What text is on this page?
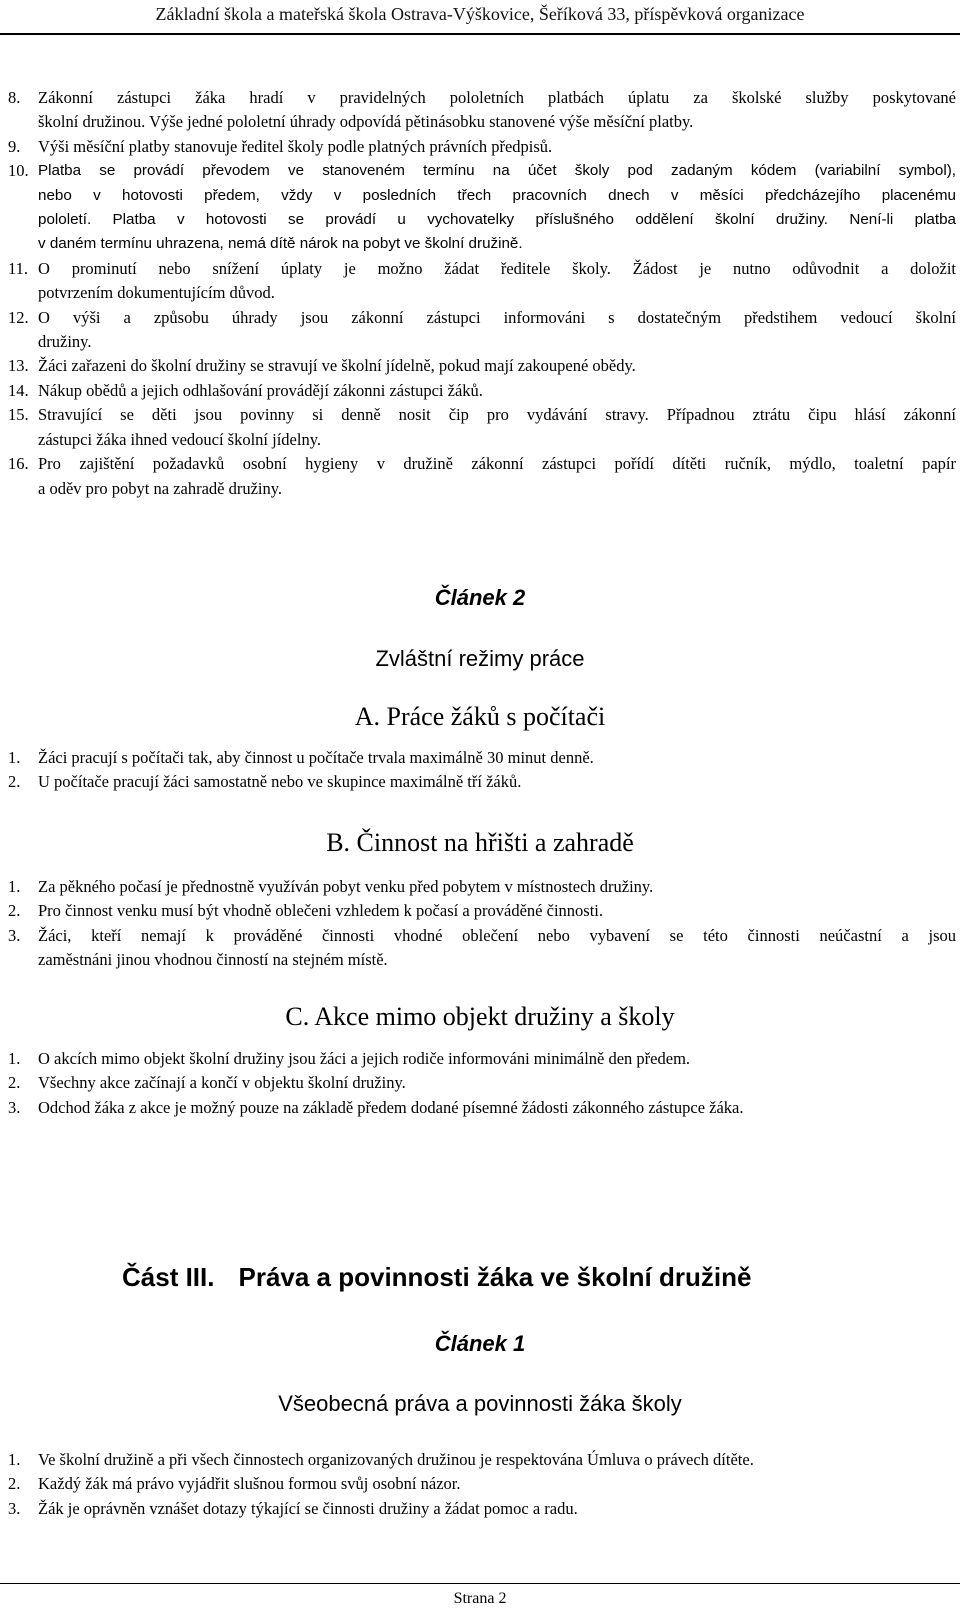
Základní škola a mateřská škola Ostrava-Výškovice, Šeříková 33, příspěvková organizace
8.	Zákonní zástupci žáka hradí v pravidelných pololetních platbách úplatu za školské služby poskytované
školní družinou. Výše jedné pololetní úhrady odpovídá pětinásobku stanovené výše měsíční platby.
9.	Výši měsíční platby stanovuje ředitel školy podle platných právních předpisů.
10. Platba se provádí převodem ve stanoveném termínu na účet školy pod zadaným kódem (variabilní symbol),
nebo v hotovosti předem, vždy v posledních třech pracovních dnech v měsíci předcházejího placenému
pololetí. Platba v hotovosti se provádí u vychovatelky příslušného oddělení školní družiny. Není-li platba
v daném termínu uhrazena, nemá dítě nárok na pobyt ve školní družině.
11. O prominutí nebo snížení úplaty je možno žádat ředitele školy. Žádost je nutno odůvodnit a doložit
potvrzením dokumentujícím důvod.
12. O výši a způsobu úhrady jsou zákonní zástupci informováni s dostatečným předstihem vedoucí školní
družiny.
13. Žáci zařazeni do školní družiny se stravují ve školní jídelně, pokud mají zakoupené obědy.
14. Nákup obědů a jejich odhlašování provádějí zákonni zástupci žáků.
15. Stravující se děti jsou povinny si denně nosit čip pro vydávání stravy. Případnou ztrátu čipu hlásí zákonní
zástupci žáka ihned vedoucí školní jídelny.
16. Pro zajištění požadavků osobní hygieny v družině zákonní zástupci pořídí dítěti ručník, mýdlo, toaletní papír
a oděv pro pobyt na zahradě družiny.
Článek 2
Zvláštní režimy práce
A. Práce žáků s počítači
1.	Žáci pracují s počítači tak, aby činnost u počítače trvala maximálně 30 minut denně.
2.	U počítače pracují žáci samostatně nebo ve skupince maximálně tří žáků.
B. Činnost na hřišti a zahradě
1.	Za pěkného počasí je přednostně využíván pobyt venku před pobytem v místnostech družiny.
2.	Pro činnost venku musí být vhodně oblečeni vzhledem k počasí a prováděné činnosti.
3.	Žáci, kteří nemají k prováděné činnosti vhodné oblečení nebo vybavení se této činnosti neúčastní a jsou
zaměstnáni jinou vhodnou činností na stejném místě.
C. Akce mimo objekt družiny a školy
1.	O akcích mimo objekt školní družiny jsou žáci a jejich rodiče informováni minimálně den předem.
2.	Všechny akce začínají a končí v objektu školní družiny.
3.	Odchod žáka z akce je možný pouze na základě předem dodané písemné žádosti zákonného zástupce žáka.
Část III. Práva a povinnosti žáka ve školní družině
Článek 1
Všeobecná práva a povinnosti žáka školy
1.	Ve školní družině a při všech činnostech organizovaných družinou je respektována Úmluva o právech dítěte.
2.	Každý žák má právo vyjádřit slušnou formou svůj osobní názor.
3.	Žák je oprávněn vznášet dotazy týkající se činnosti družiny a žádat pomoc a radu.
Strana 2
